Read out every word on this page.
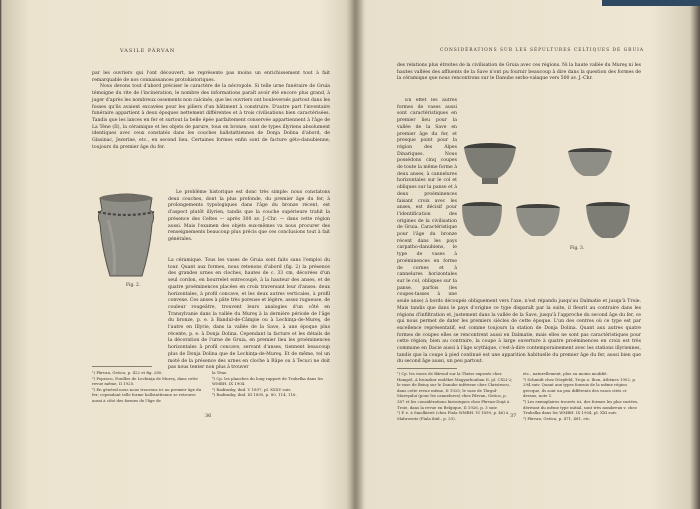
VASILE PÂRVAN

par les ouvriers qui l'ont découvert, ne représente pas moins un enrichissement tout à fait remarquable de nos connaissances protohistoriques.

Nous devons tout d'abord préciser le caractère de la nécropole. Si telle urne funéraire de Gruia témoigne du rite de l'incinération, le nombre des informations paraît avoir été encore plus grand, à juger d'après les nombreux ossements non calcinés, que les ouvriers ont bouleversés partout dans les fosses qu'ils avaient excavées pour les piliers d'un bâtiment à construire. D'autre part l'inventaire funéraire appartient à deux époques nettement différentes et à trois civilisations bien caractérisées. Tandis que les lances en fer et surtout la belle épée parfaitement conservée appartiennent à l'âge de La Tène (II), la céramique et les objets de parure, tous en bronze, sont de types illyriens absolument identiques avec ceux constatés dans les couches hallstattiennes de Donja Dolina d'abord, de Glasinac, Jezerine, etc., en second lieu. Certaines formes enfin sont de facture géto-danubienne, toujours du premier âge du fer.

Fig. 2.

Le problème historique est donc très simple: nous constatons deux couches, dont la plus profonde, du premier âge du fer, à prolongements typologiques dans l'âge du bronze récent, est d'aspect plutôt illyrien, tandis que la couche supérieure trahit la présence des Celtes — après 300 av. J.-Chr. — dans cette région aussi. Mais l'examen des objets eux-mêmes va nous procurer des renseignements beaucoup plus précis que ces conclusions tout à fait générales.

La céramique. Tous les vases de Gruia sont faits sans l'emploi du tour. Quant aux formes, nous retenons d'abord (fig. 2) la présence des grandes urnes en cloches, hautes de c. 33 cm, décorées d'un seul cordon, en bourrelet entrecoupé, à la hauteur des anses, et de quatre proéminences placées en croix traversant leur d'anses: deux horizontales, à profil concave, et les deux autres verticales, à profil convexe. Ces anses à pâte très poreuse et légère, assez rugueuse, de couleur rougeâtre, trouvent leurs analogies d'un côté en Transylvanie dans la vallée du Mureş à la dernière période de l'âge du bronze, p. e. à Bandul-de-Câmpie ou à Lechinţa-de-Mureş, de l'autre en Illyrie, dans la vallée de la Save, à une époque plus récente, p. e. à Donja Dolina. Cependant la facture et les détails de la décoration de l'urne de Gruia, en premier lieu les proéminences horizontales à profil concave, servant d'anses, tiennent beaucoup plus de Donja Dolina que de Lechinţa-de-Mureş. Et de même, tel un moté de la présence des urnes en cloche à Râpe ou à Tecuci ne doit pas nous tenter non plus à trouver

¹) Pârvan, Getica, p. 422 et fig. 280.
²) Popescu, Fouilles de Lechinţa de Mureş, dans cette revue même, II 1925.
³) En général nous nous trouvons ici au premier âge du fer; cependant telle forme hallstattienne se retrouve aussi à côté des formes de l'âge de
la Tène.
⁴) Cp. les planches du long rapport de Truhelka dans les WMBH. IX 1904.
⁵) Radimsky, ibid. V 1897, pl. XXXV suiv.
⁶) Radimsky, ibid. III 1895, p. 80, 114, 116.
36
CONSIDÉRATIONS SUR LES SÉPULTURES CELTIQUES DE GRUIA

des relations plus étroites de la civilisation de Gruia avec ces régions. Ni la haute vallée du Mureş ni les hautes vallées des affluents de la Save n'ont pu fournir beaucoup à dire dans la question des formes de la céramique que nous rencontrons sur le Danube serbo-valaque vers 500 av. J.-Chr.

Fig. 3.

En effet les autres formes de vases aussi sont caractéristiques en premier lieu pour la vallée de la Save en premier âge du fer, et presque point pour la région des Alpes Dinariques. Nous possédons cinq coupes de toute la même forme à deux anses, à cannelures horizontales sur le col et obliques sur la panse et à deux proéminences faisant croix avec les anses, est décisif pour l'identification des origines de la civilisation de Gruia. Caractéristique pour l'âge du bronze récent dans les pays carpatho-danubiens, le type de vases à proéminences en forme de cornes et à cannelures horizontales sur le col, obliques sur la panse, parfois (les coupes-tasses à une seule anse) à bords découpés obliquement vers l'axe, n'est répandu jusqu'au Dalmatie et jusqu'à Troie. Mais tandis que dans le pays d'origine ce type disparaît par la suite, il fleurit au contraire dans les régions d'infiltration et, justement dans la vallée de la Save, jusqu'à l'approche du second âge du fer, ce qui nous permet de dater les premiers siècles de cette époque. L'un des centres où ce type est par excellence représentatif, est comme toujours la station de Donja Dolina. Quant aux autres quatre formes de coupes elles se rencontrent aussi en Dalmatie, mais elles ne sont pas caractéristiques pour cette région; bien au contraire, la coupe à large ouverture à quatre proéminences en croix est très commune en Dacie aussi à l'âge scythique, c'est-à-dire contemporainement avec les stations illyriennes, tandis que la coupe à pied continué est une apparition habituelle du premier âge du fer, aussi bien que du second âge aussi, un peu partout.

¹) Cp. les vases de Bârsud sur la Theiss exposés chez Hampel, A bronzkor emlékei Magyarhonban II, pl. CXLI-2; le vase de Beiuş sur le Danube inférieur chez Christescu, dans cette revue même, II 1925; le vase de Târgul-Mureşului (pour les cannelures) chez Pârvan, Getica, p. 387 et les considérations historiques chez Pârvan-Duţă à Troie, dans la revue en Belgique, II 1926, p. 3 suiv.
²) P. e. à Smolkiewt (chez Fiala WMBH. VI 1899, p. 46) à Mahrowitz (Fiala ibid., p. 33).
etc., naturellement, plus ou moins modifié.
³) Schmidt chez Dörpfeld, Troja u. Ilion, Athènes 1902, p. 294 suiv. Quant aux types fournis de la même région grecque, ils sont un peu différents des vases cités ci-dessus, note 1.
⁴) Les exemplaires trouvés ici, des formes les plus variées, dérivant du même type initial, sont très nombreux v. chez Truhelka dans les WMBH. IX 1904, pl. XXI suiv.
⁵) Pârvan, Getica, p. 471, 481, etc.
37
